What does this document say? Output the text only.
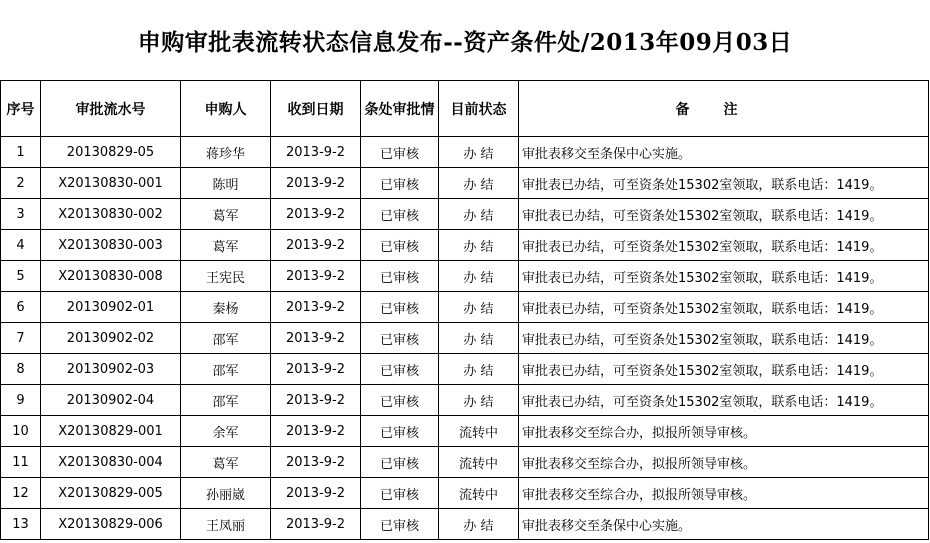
申购审批表流转状态信息发布--资产条件处/2013年09月03日
序号	审批流水号	申购人	收到日期	条处审批情	目前状态	备注
1	20130829-05	蒋珍华	2013-9-2	已审核	办 结	审批表移交至条保中心实施。
2	X20130830-001	陈明	2013-9-2	已审核	办 结	审批表已办结，可至资条处15302室领取，联系电话：1419。
3	X20130830-002	葛军	2013-9-2	已审核	办 结	审批表已办结，可至资条处15302室领取，联系电话：1419。
4	X20130830-003	葛军	2013-9-2	已审核	办 结	审批表已办结，可至资条处15302室领取，联系电话：1419。
5	X20130830-008	王宪民	2013-9-2	已审核	办 结	审批表已办结，可至资条处15302室领取，联系电话：1419。
6	20130902-01	秦杨	2013-9-2	已审核	办 结	审批表已办结，可至资条处15302室领取，联系电话：1419。
7	20130902-02	邵军	2013-9-2	已审核	办 结	审批表已办结，可至资条处15302室领取，联系电话：1419。
8	20130902-03	邵军	2013-9-2	已审核	办 结	审批表已办结，可至资条处15302室领取，联系电话：1419。
9	20130902-04	邵军	2013-9-2	已审核	办 结	审批表已办结，可至资条处15302室领取，联系电话：1419。
10	X20130829-001	余军	2013-9-2	已审核	流转中	审批表移交至综合办，拟报所领导审核。
11	X20130830-004	葛军	2013-9-2	已审核	流转中	审批表移交至综合办，拟报所领导审核。
12	X20130829-005	孙丽崴	2013-9-2	已审核	流转中	审批表移交至综合办，拟报所领导审核。
13	X20130829-006	王凤丽	2013-9-2	已审核	办 结	审批表移交至条保中心实施。
